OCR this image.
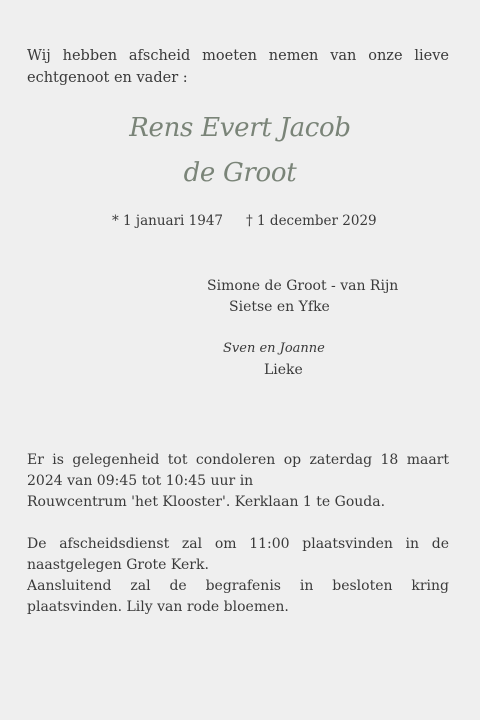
Wij hebben afscheid moeten nemen van onze lieve echtgenoot en vader :
Rens Evert Jacob
de Groot
* 1 januari 1947 † 1 december 2029
Simone de Groot - van Rijn
Sietse en Yfke
Sven en Joanne
Lieke

Er is gelegenheid tot condoleren op zaterdag 18 maart 2024 van 09:45 tot 10:45 uur in

Rouwcentrum 'het Klooster'. Kerklaan 1 te Gouda.

De afscheidsdienst zal om 11:00 plaatsvinden in de naastgelegen Grote Kerk.

Aansluitend zal de begrafenis in besloten kring plaatsvinden. Lily van rode bloemen.
